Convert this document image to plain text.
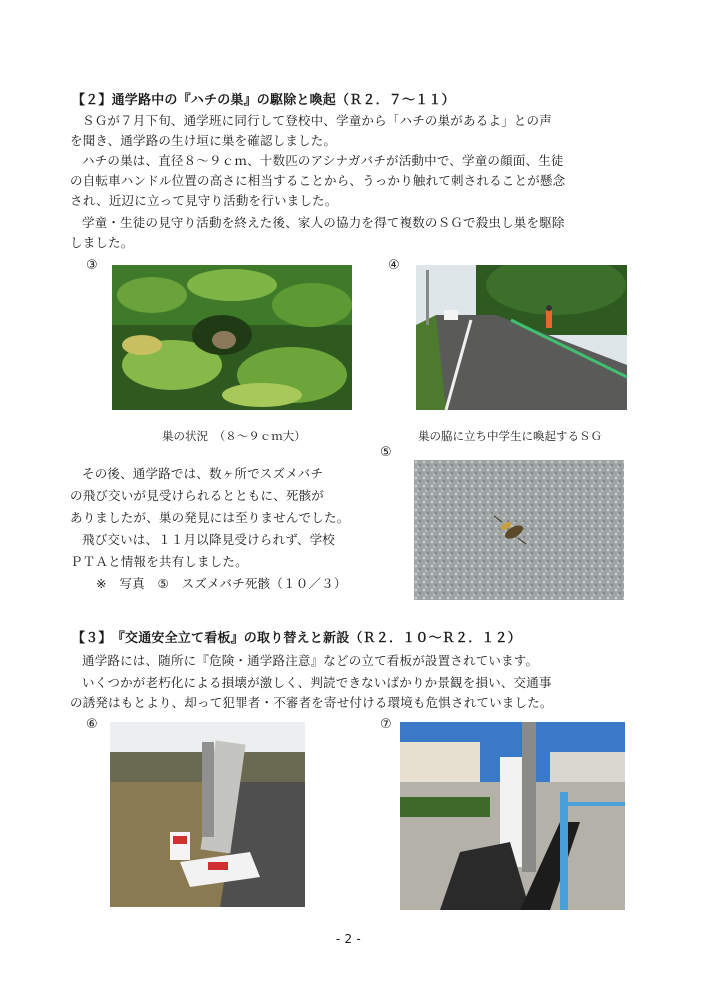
【２】通学路中の『ハチの巣』の駆除と喚起（Ｒ２．７〜１１）
ＳＧが７月下旬、通学班に同行して登校中、学童から「ハチの巣があるよ」との声
を聞き、通学路の生け垣に巣を確認しました。
ハチの巣は、直径８〜９ｃｍ、十数匹のアシナガバチが活動中で、学童の顔面、生徒
の自転車ハンドル位置の高さに相当することから、うっかり触れて刺されることが懸念
され、近辺に立って見守り活動を行いました。
学童・生徒の見守り活動を終えた後、家人の協力を得て複数のＳＧで殺虫し巣を駆除
しました。
③	④
巣の状況　（８〜９ｃｍ大）	巣の脇に立ち中学生に喚起するＳＧ
⑤
その後、通学路では、数ヶ所でスズメバチ
の飛び交いが見受けられるとともに、死骸が
ありましたが、巣の発見には至りませんでした。
飛び交いは、１１月以降見受けられず、学校
ＰＴＡと情報を共有しました。
※　写真　⑤　スズメバチ死骸（１０／３）
【３】　『交通安全立て看板』の取り替えと新設（Ｒ２．１０〜Ｒ２．１２）
通学路には、随所に『危険・通学路注意』などの立て看板が設置されています。
いくつかが老朽化による損壊が激しく、判読できないばかりか景観を損い、交通事
の誘発はもとより、却って犯罪者・不審者を寄せ付ける環境も危惧されていました。
⑥	⑦
- 2 -
